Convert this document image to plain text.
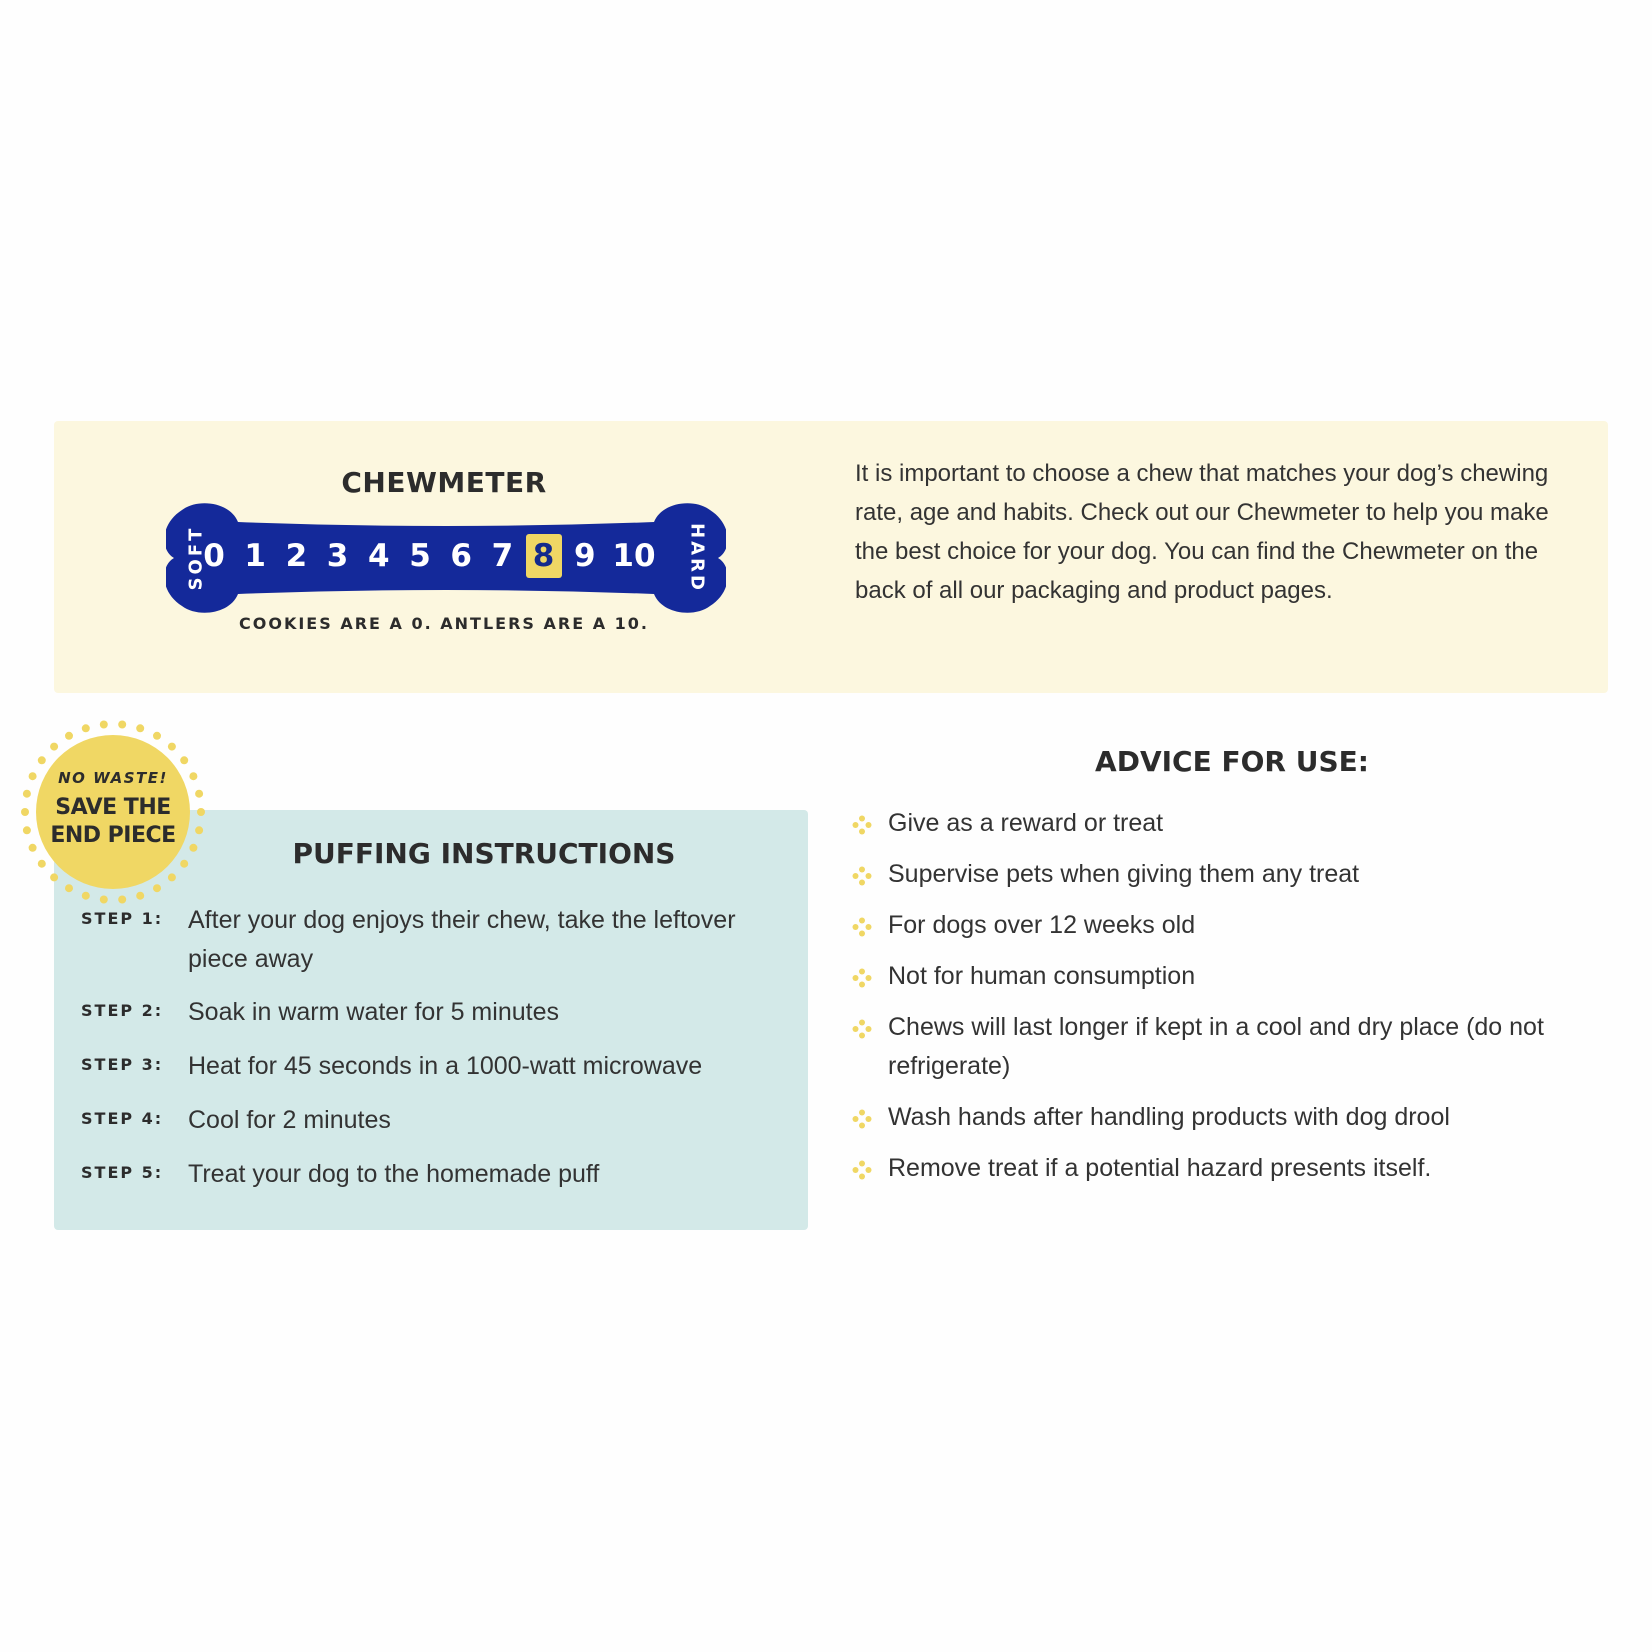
CHEWMETER
SOFT	HARD
0 1 2 3 4 5 6 7 8 9 10

COOKIES ARE A 0. ANTLERS ARE A 10.

It is important to choose a chew that matches your dog’s chewing rate, age and habits. Check out our Chewmeter to help you make the best choice for your dog. You can find the Chewmeter on the back of all our packaging and product pages.

PUFFING INSTRUCTIONS
STEP 1: After your dog enjoys their chew, take the leftover piece away
STEP 2: Soak in warm water for 5 minutes
STEP 3: Heat for 45 seconds in a 1000-watt microwave
STEP 4: Cool for 2 minutes
STEP 5: Treat your dog to the homemade puff
NO WASTE!
SAVE THE
END PIECE
ADVICE FOR USE:
Give as a reward or treat
Supervise pets when giving them any treat
For dogs over 12 weeks old
Not for human consumption
Chews will last longer if kept in a cool and dry place (do not refrigerate)
Wash hands after handling products with dog drool
Remove treat if a potential hazard presents itself.
